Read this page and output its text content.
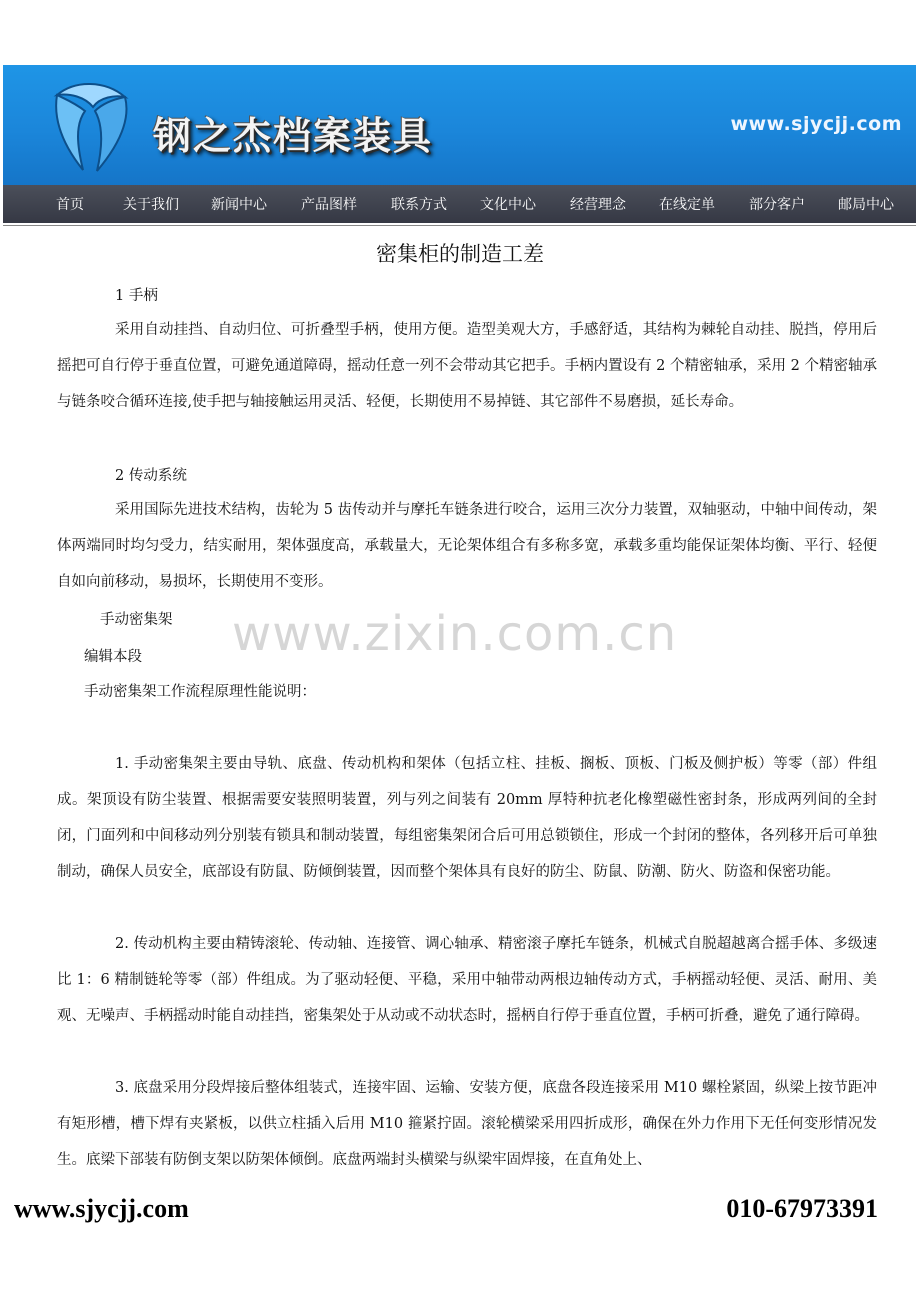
钢之杰档案装具	www.sjycjj.com
首页	关于我们 新闻中心 产品图样 联系方式 文化中心 经营理念 在线定单 部分客户 邮局中心
密集柜的制造工差

1 手柄

采用自动挂挡、自动归位、可折叠型手柄，使用方便。造型美观大方，手感舒适，其结构为棘轮自动挂、脱挡，停用后摇把可自行停于垂直位置，可避免通道障碍，摇动任意一列不会带动其它把手。手柄内置设有 2 个精密轴承，采用 2 个精密轴承与链条咬合循环连接,使手把与轴接触运用灵活、轻便，长期使用不易掉链、其它部件不易磨损，延长寿命。

2 传动系统

采用国际先进技术结构，齿轮为 5 齿传动并与摩托车链条进行咬合，运用三次分力装置，双轴驱动，中轴中间传动，架体两端同时均匀受力，结实耐用，架体强度高，承载量大，无论架体组合有多称多宽，承载多重均能保证架体均衡、平行、轻便自如向前移动，易损坏，长期使用不变形。

手动密集架 www.zixin.com.cn

编辑本段

手动密集架工作流程原理性能说明：

1. 手动密集架主要由导轨、底盘、传动机构和架体（包括立柱、挂板、搁板、顶板、门板及侧护板）等零（部）件组成。架顶设有防尘装置、根据需要安装照明装置，列与列之间装有 20mm 厚特种抗老化橡塑磁性密封条，形成两列间的全封闭，门面列和中间移动列分别装有锁具和制动装置，每组密集架闭合后可用总锁锁住，形成一个封闭的整体，各列移开后可单独制动，确保人员安全，底部设有防鼠、防倾倒装置，因而整个架体具有良好的防尘、防鼠、防潮、防火、防盗和保密功能。

2. 传动机构主要由精铸滚轮、传动轴、连接管、调心轴承、精密滚子摩托车链条，机械式自脱超越离合摇手体、多级速比 1：6 精制链轮等零（部）件组成。为了驱动轻便、平稳，采用中轴带动两根边轴传动方式，手柄摇动轻便、灵活、耐用、美观、无噪声、手柄摇动时能自动挂挡，密集架处于从动或不动状态时，摇柄自行停于垂直位置，手柄可折叠，避免了通行障碍。

3. 底盘采用分段焊接后整体组装式，连接牢固、运输、安装方便，底盘各段连接采用 M10 螺栓紧固，纵梁上按节距冲有矩形槽，槽下焊有夹紧板，以供立柱插入后用 M10 箍紧拧固。滚轮横梁采用四折成形，确保在外力作用下无任何变形情况发生。底梁下部装有防倒支架以防架体倾倒。底盘两端封头横梁与纵梁牢固焊接，在直角处上、

www.sjycjj.com	010-67973391
